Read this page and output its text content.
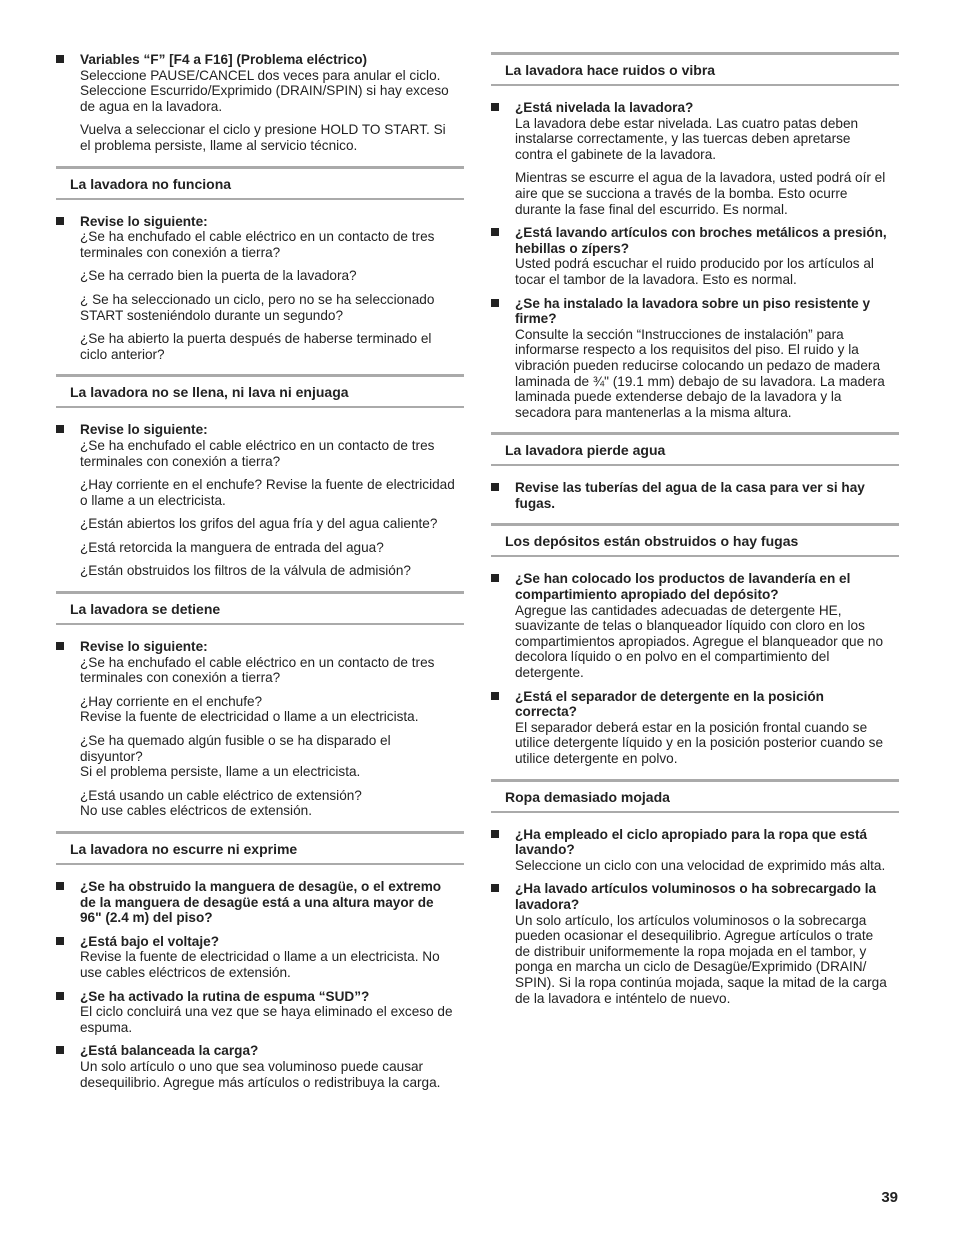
Variables “F” [F4 a F16] (Problema eléctrico)

Seleccione PAUSE/CANCEL dos veces para anular el ciclo.
Seleccione Escurrido/Exprimido (DRAIN/SPIN) si hay exceso
de agua en la lavadora.

Vuelva a seleccionar el ciclo y presione HOLD TO START. Si
el problema persiste, llame al servicio técnico.

La lavadora no funciona
Revise lo siguiente:

¿Se ha enchufado el cable eléctrico en un contacto de tres
terminales con conexión a tierra?

¿Se ha cerrado bien la puerta de la lavadora?

¿ Se ha seleccionado un ciclo, pero no se ha seleccionado
START sosteniéndolo durante un segundo?

¿Se ha abierto la puerta después de haberse terminado el
ciclo anterior?

La lavadora no se llena, ni lava ni enjuaga
Revise lo siguiente:

¿Se ha enchufado el cable eléctrico en un contacto de tres
terminales con conexión a tierra?

¿Hay corriente en el enchufe? Revise la fuente de electricidad
o llame a un electricista.

¿Están abiertos los grifos del agua fría y del agua caliente?

¿Está retorcida la manguera de entrada del agua?

¿Están obstruidos los filtros de la válvula de admisión?

La lavadora se detiene
Revise lo siguiente:

¿Se ha enchufado el cable eléctrico en un contacto de tres
terminales con conexión a tierra?

¿Hay corriente en el enchufe?
Revise la fuente de electricidad o llame a un electricista.

¿Se ha quemado algún fusible o se ha disparado el
disyuntor?
Si el problema persiste, llame a un electricista.

¿Está usando un cable eléctrico de extensión?
No use cables eléctricos de extensión.

La lavadora no escurre ni exprime
¿Se ha obstruido la manguera de desagüe, o el extremo
de la manguera de desagüe está a una altura mayor de
96" (2.4 m) del piso?
¿Está bajo el voltaje?

Revise la fuente de electricidad o llame a un electricista. No
use cables eléctricos de extensión.

¿Se ha activado la rutina de espuma “SUD”?

El ciclo concluirá una vez que se haya eliminado el exceso de
espuma.

¿Está balanceada la carga?

Un solo artículo o uno que sea voluminoso puede causar
desequilibrio. Agregue más artículos o redistribuya la carga.

La lavadora hace ruidos o vibra
¿Está nivelada la lavadora?

La lavadora debe estar nivelada. Las cuatro patas deben
instalarse correctamente, y las tuercas deben apretarse
contra el gabinete de la lavadora.

Mientras se escurre el agua de la lavadora, usted podrá oír el
aire que se succiona a través de la bomba. Esto ocurre
durante la fase final del escurrido. Es normal.

¿Está lavando artículos con broches metálicos a presión,
hebillas o zípers?

Usted podrá escuchar el ruido producido por los artículos al
tocar el tambor de la lavadora. Esto es normal.

¿Se ha instalado la lavadora sobre un piso resistente y
firme?

Consulte la sección “Instrucciones de instalación” para
informarse respecto a los requisitos del piso. El ruido y la
vibración pueden reducirse colocando un pedazo de madera
laminada de ¾" (19.1 mm) debajo de su lavadora. La madera
laminada puede extenderse debajo de la lavadora y la
secadora para mantenerlas a la misma altura.

La lavadora pierde agua
Revise las tuberías del agua de la casa para ver si hay
fugas.
Los depósitos están obstruidos o hay fugas
¿Se han colocado los productos de lavandería en el
compartimiento apropiado del depósito?

Agregue las cantidades adecuadas de detergente HE,
suavizante de telas o blanqueador líquido con cloro en los
compartimientos apropiados. Agregue el blanqueador que no
decolora líquido o en polvo en el compartimiento del
detergente.

¿Está el separador de detergente en la posición
correcta?

El separador deberá estar en la posición frontal cuando se
utilice detergente líquido y en la posición posterior cuando se
utilice detergente en polvo.

Ropa demasiado mojada
¿Ha empleado el ciclo apropiado para la ropa que está
lavando?

Seleccione un ciclo con una velocidad de exprimido más alta.

¿Ha lavado artículos voluminosos o ha sobrecargado la
lavadora?

Un solo artículo, los artículos voluminosos o la sobrecarga
pueden ocasionar el desequilibrio. Agregue artículos o trate
de distribuir uniformemente la ropa mojada en el tambor, y
ponga en marcha un ciclo de Desagüe/Exprimido (DRAIN/
SPIN). Si la ropa continúa mojada, saque la mitad de la carga
de la lavadora e inténtelo de nuevo.

39
